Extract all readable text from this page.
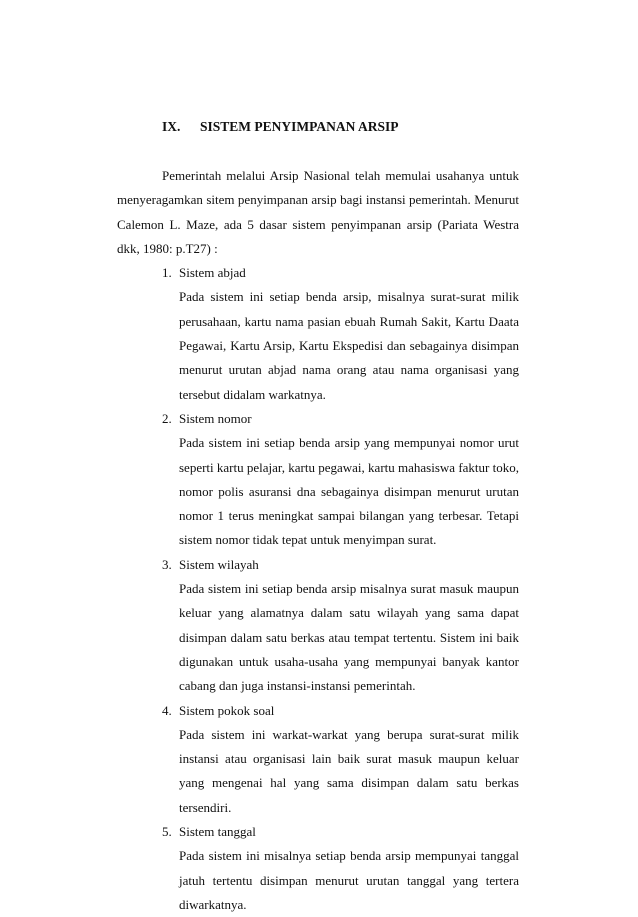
IX. SISTEM PENYIMPANAN ARSIP

Pemerintah melalui Arsip Nasional telah memulai usahanya untuk menyeragamkan sitem penyimpanan arsip bagi instansi pemerintah. Menurut Calemon L. Maze, ada 5 dasar sistem penyimpanan arsip (Pariata Westra dkk, 1980: p.T27) :

1. Sistem abjad
Pada sistem ini setiap benda arsip, misalnya surat-surat milik perusahaan, kartu nama pasian ebuah Rumah Sakit, Kartu Daata Pegawai, Kartu Arsip, Kartu Ekspedisi dan sebagainya disimpan menurut urutan abjad nama orang atau nama organisasi yang tersebut didalam warkatnya.
2. Sistem nomor
Pada sistem ini setiap benda arsip yang mempunyai nomor urut seperti kartu pelajar, kartu pegawai, kartu mahasiswa faktur toko, nomor polis asuransi dna sebagainya disimpan menurut urutan nomor 1 terus meningkat sampai bilangan yang terbesar. Tetapi sistem nomor tidak tepat untuk menyimpan surat.
3. Sistem wilayah
Pada sistem ini setiap benda arsip misalnya surat masuk maupun keluar yang alamatnya dalam satu wilayah yang sama dapat disimpan dalam satu berkas atau tempat tertentu. Sistem ini baik digunakan untuk usaha-usaha yang mempunyai banyak kantor cabang dan juga instansi-instansi pemerintah.
4. Sistem pokok soal
Pada sistem ini warkat-warkat yang berupa surat-surat milik instansi atau organisasi lain baik surat masuk maupun keluar yang mengenai hal yang sama disimpan dalam satu berkas tersendiri.
5. Sistem tanggal
Pada sistem ini misalnya setiap benda arsip mempunyai tanggal jatuh tertentu disimpan menurut urutan tanggal yang tertera diwarkatnya.
